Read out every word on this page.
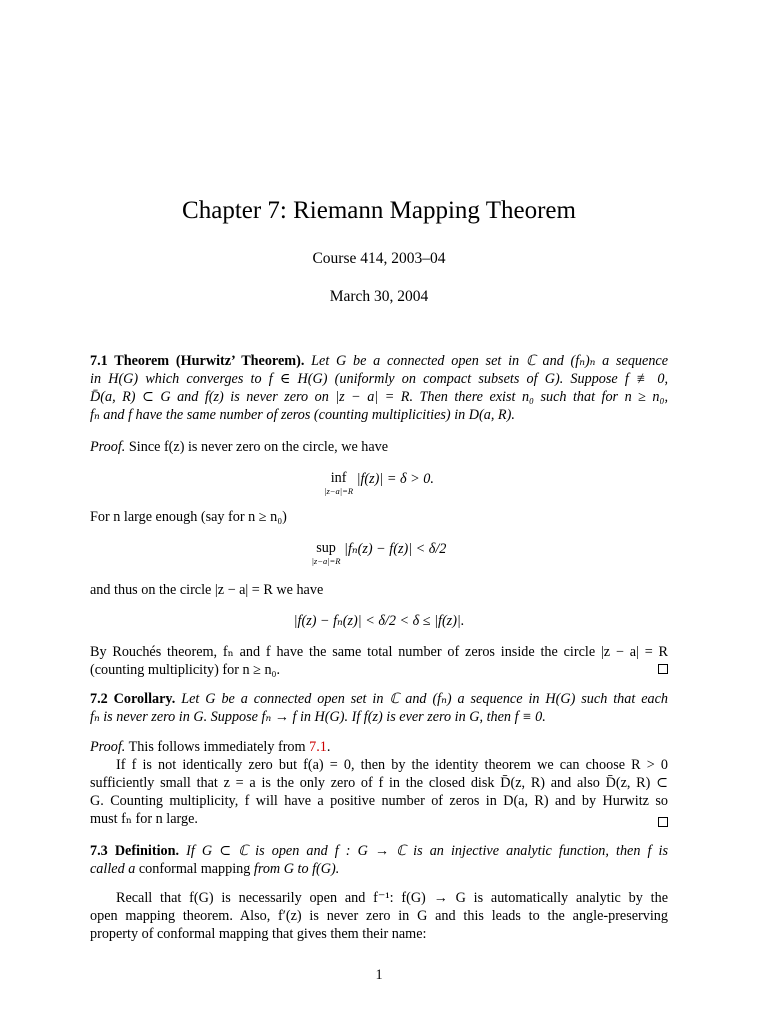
Chapter 7: Riemann Mapping Theorem
Course 414, 2003–04
March 30, 2004
7.1 Theorem (Hurwitz’ Theorem). Let G be a connected open set in ℂ and (fₙ)ₙ a sequence
in H(G) which converges to f ∈ H(G) (uniformly on compact subsets of G). Suppose f ≢ 0,
D̄(a, R) ⊂ G and f(z) is never zero on |z − a| = R. Then there exist n₀ such that for n ≥ n₀,
fₙ and f have the same number of zeros (counting multiplicities) in D(a, R).
Proof. Since f(z) is never zero on the circle, we have
inf
|z−a|=R
|f(z)| = δ > 0.
For n large enough (say for n ≥ n₀)
sup
|z−a|=R
|fₙ(z) − f(z)| < δ/2
and thus on the circle |z − a| = R we have
|f(z) − fₙ(z)| < δ/2 < δ ≤ |f(z)|.
By Rouchés theorem, fₙ and f have the same total number of zeros inside the circle |z − a| = R
(counting multiplicity) for n ≥ n₀.
7.2 Corollary. Let G be a connected open set in ℂ and (fₙ) a sequence in H(G) such that each
fₙ is never zero in G. Suppose fₙ → f in H(G). If f(z) is ever zero in G, then f ≡ 0.
Proof. This follows immediately from 7.1.
If f is not identically zero but f(a) = 0, then by the identity theorem we can choose R > 0
sufficiently small that z = a is the only zero of f in the closed disk D̄(z, R) and also D̄(z, R) ⊂
G. Counting multiplicity, f will have a positive number of zeros in D(a, R) and by Hurwitz so
must fₙ for n large.
7.3 Definition. If G ⊂ ℂ is open and f : G → ℂ is an injective analytic function, then f is
called a conformal mapping from G to f(G).
Recall that f(G) is necessarily open and f⁻¹: f(G) → G is automatically analytic by the
open mapping theorem. Also, f′(z) is never zero in G and this leads to the angle-preserving
property of conformal mapping that gives them their name:
1
